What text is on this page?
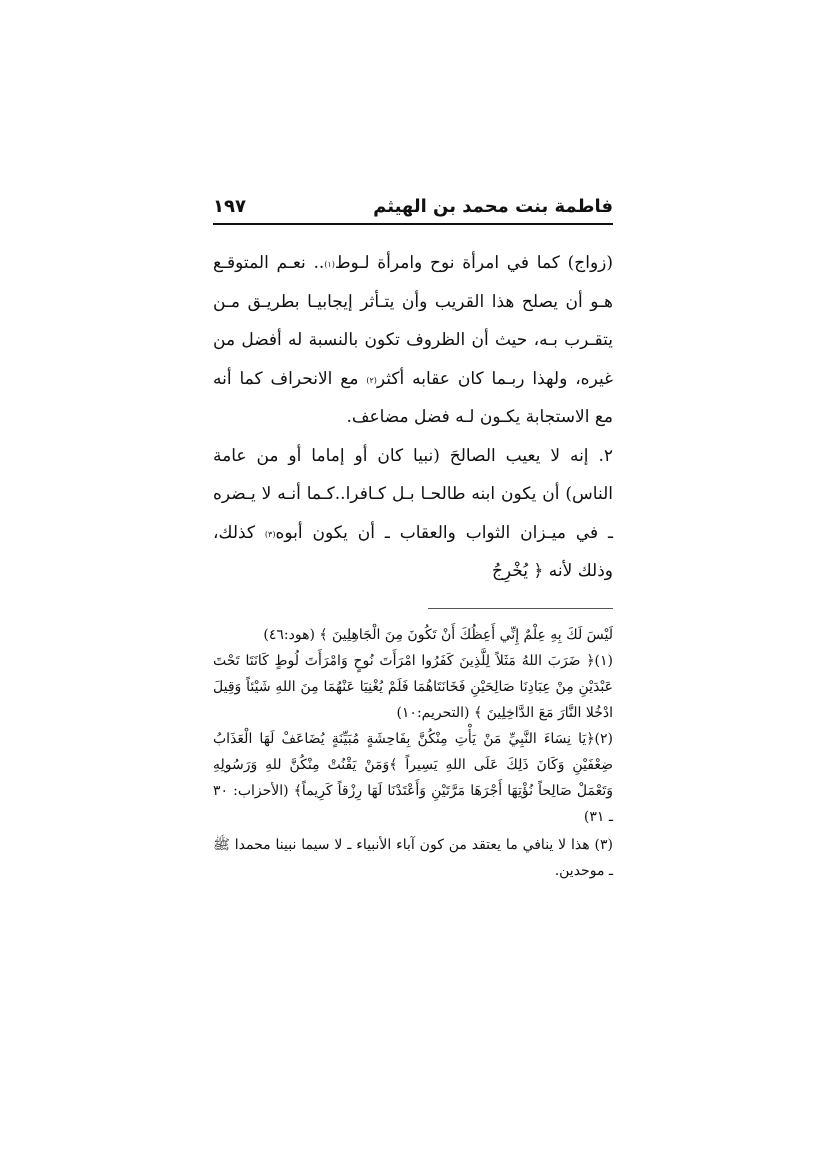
فاطمة بنت محمد بن الهيثم
١٩٧

(زواج) كما في امرأة نوح وامرأة لـوط$^{(١)}$.. نعـم المتوقـع هـو أن يصلح هذا القريب وأن يتـأثر إيجابيـا بطريـق مـن يتقـرب بـه، حيث أن الظروف تكون بالنسبة له أفضل من غيره، ولهذا ربـما كان عقابه أكثر$^{(٢)}$ مع الانحراف كما أنه مع الاستجابة يكـون لـه فضل مضاعف.

٢. إنه لا يعيب الصالحَ (نبيا كان أو إماما أو من عامة الناس) أن يكون ابنه طالحـا بـل كـافرا..كـما أنـه لا يـضره ـ في ميـزان الثواب والعقاب ـ أن يكون أبوه$^{(٣)}$ كذلك، وذلك لأنه ﴿ يُخْرِجُ

لَيْسَ لَكَ بِهِ عِلْمٌ إِنِّي أَعِظُكَ أَنْ تَكُونَ مِنَ الْجَاهِلِينَ ﴾ (هود:٤٦)

(١)﴿ ضَرَبَ اللهُ مَثَلاً لِلَّذِينَ كَفَرُوا امْرَأَتَ نُوحٍ وَامْرَأَتَ لُوطٍ كَانَتَا تَحْتَ عَبْدَيْنِ مِنْ عِبَادِنَا صَالِحَيْنِ فَخَانَتَاهُمَا فَلَمْ يُغْنِيَا عَنْهُمَا مِنَ اللهِ شَيْئاً وَقِيلَ ادْخُلا النَّارَ مَعَ الدَّاخِلِينَ ﴾ (التحريم:١٠)

(٢)﴿يَا نِسَاءَ النَّبِيِّ مَنْ يَأْتِ مِنْكُنَّ بِفَاحِشَةٍ مُبَيِّنَةٍ يُضَاعَفْ لَهَا الْعَذَابُ ضِعْفَيْنِ وَكَانَ ذَلِكَ عَلَى اللهِ يَسِيراً ﴾وَمَنْ يَقْنُتْ مِنْكُنَّ للهِ وَرَسُولِهِ وَتَعْمَلْ صَالِحاً نُؤْتِهَا أَجْرَهَا مَرَّتَيْنِ وَأَعْتَدْنَا لَهَا رِزْقاً كَرِيماً﴾ (الأحزاب: ٣٠ ـ ٣١)

(٣) هذا لا ينافي ما يعتقد من كون آباء الأنبياء ـ لا سيما نبينا محمدا ﷺ ـ موحدين.
